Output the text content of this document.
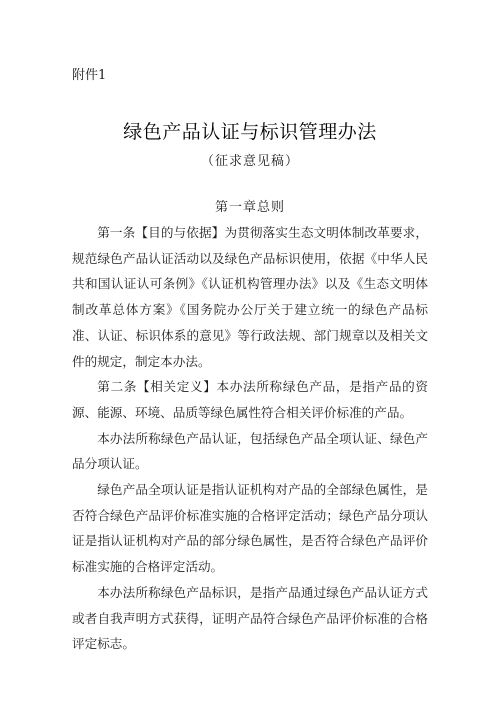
附件1
绿色产品认证与标识管理办法
（征求意见稿）
第一章总则

第一条【目的与依据】为贯彻落实生态文明体制改革要求，规范绿色产品认证活动以及绿色产品标识使用，依据《中华人民共和国认证认可条例》《认证机构管理办法》以及《生态文明体制改革总体方案》《国务院办公厅关于建立统一的绿色产品标准、认证、标识体系的意见》等行政法规、部门规章以及相关文件的规定，制定本办法。

第二条【相关定义】本办法所称绿色产品，是指产品的资源、能源、环境、品质等绿色属性符合相关评价标准的产品。

本办法所称绿色产品认证，包括绿色产品全项认证、绿色产品分项认证。

绿色产品全项认证是指认证机构对产品的全部绿色属性，是否符合绿色产品评价标准实施的合格评定活动；绿色产品分项认证是指认证机构对产品的部分绿色属性，是否符合绿色产品评价标准实施的合格评定活动。

本办法所称绿色产品标识，是指产品通过绿色产品认证方式或者自我声明方式获得，证明产品符合绿色产品评价标准的合格评定标志。
